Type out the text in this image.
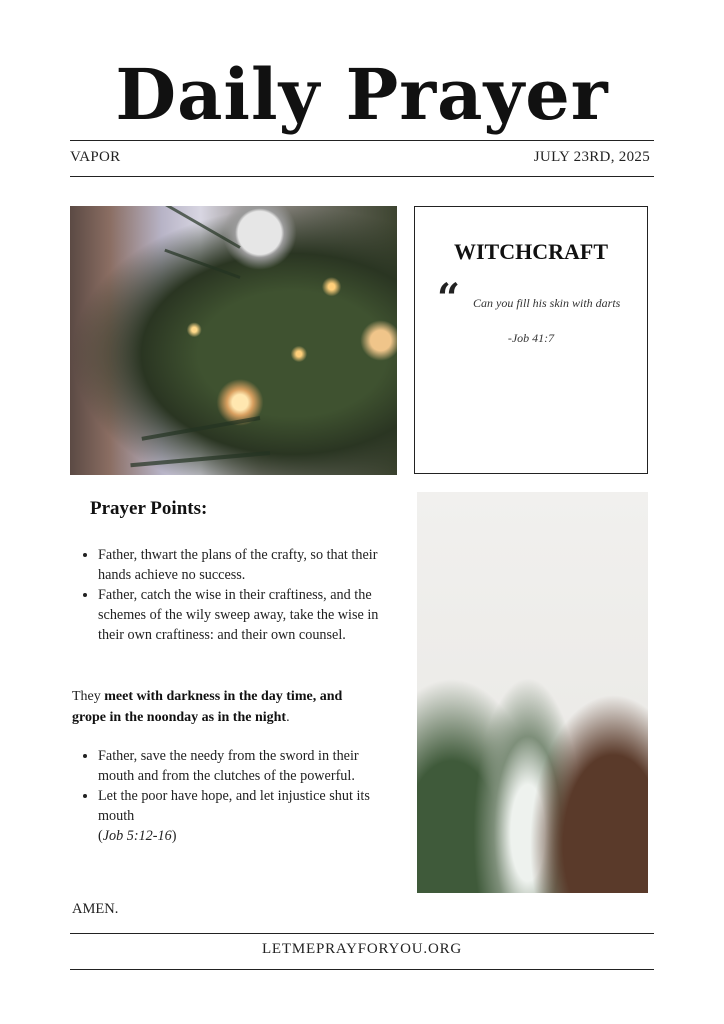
Daily Prayer
VAPOR	JULY 23RD, 2025
WITCHCRAFT
“ Can you fill his skin with darts
-Job 41:7
Prayer Points:
• Father, thwart the plans of the crafty, so that their hands achieve no success.
• Father, catch the wise in their craftiness, and the schemes of the wily sweep away, take the wise in their own craftiness: and their own counsel.
They meet with darkness in the day time, and grope in the noonday as in the night.
• Father, save the needy from the sword in their mouth and from the clutches of the powerful.
• Let the poor have hope, and let injustice shut its mouth
(Job 5:12-16)
AMEN.
LETMEPRAYFORYOU.ORG
